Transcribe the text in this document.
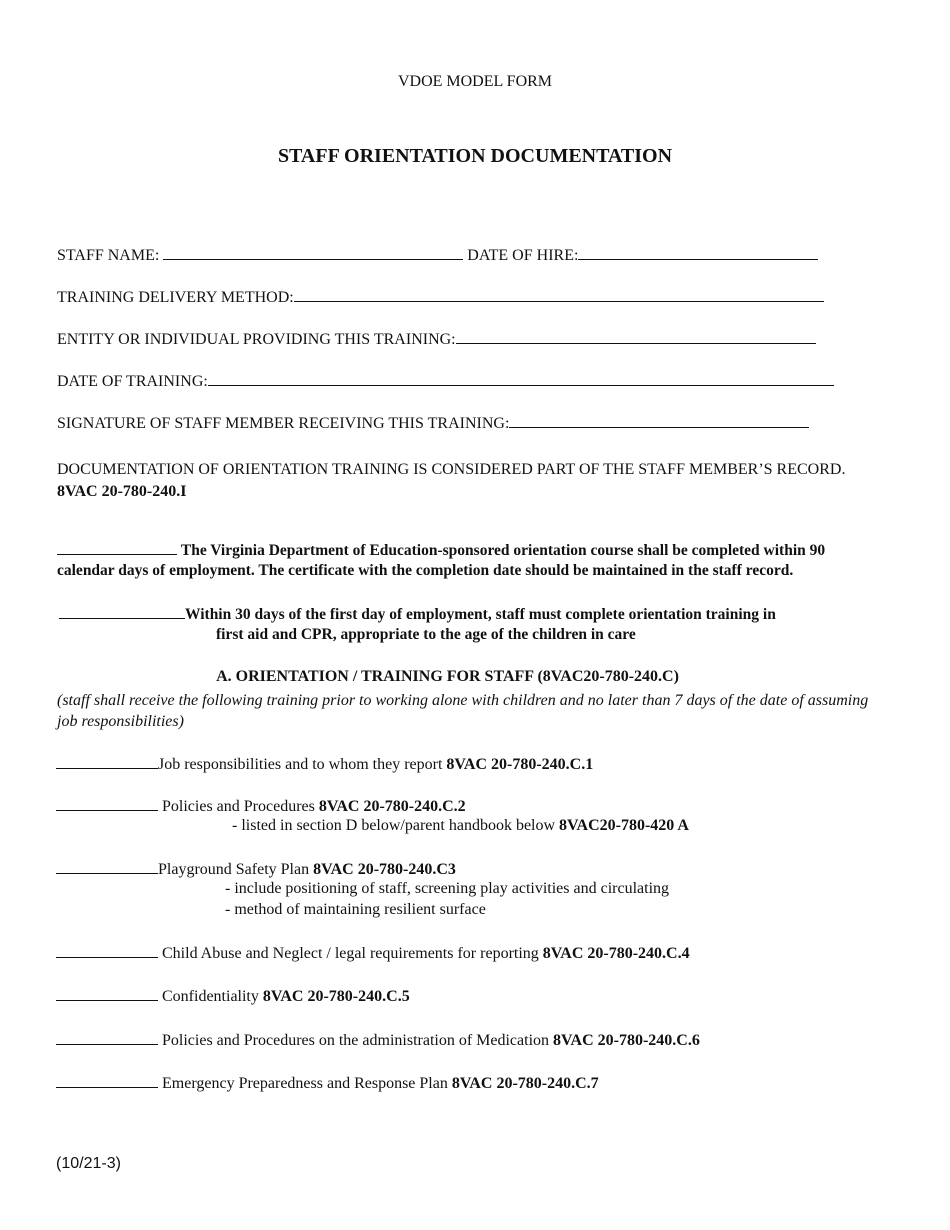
VDOE MODEL FORM
STAFF ORIENTATION DOCUMENTATION
STAFF NAME:	DATE OF HIRE:
TRAINING DELIVERY METHOD:
ENTITY OR INDIVIDUAL PROVIDING THIS TRAINING:
DATE OF TRAINING:
SIGNATURE OF STAFF MEMBER RECEIVING THIS TRAINING:
DOCUMENTATION OF ORIENTATION TRAINING IS CONSIDERED PART OF THE STAFF MEMBER’S RECORD. 8VAC 20-780-240.I
The Virginia Department of Education-sponsored orientation course shall be completed within 90
calendar days of employment. The certificate with the completion date should be maintained in the staff record.
Within 30 days of the first day of employment, staff must complete orientation training in
first aid and CPR, appropriate to the age of the children in care
A. ORIENTATION / TRAINING FOR STAFF (8VAC20-780-240.C)
(staff shall receive the following training prior to working alone with children and no later than 7 days of the date of assuming job responsibilities)
Job responsibilities and to whom they report 8VAC 20-780-240.C.1
Policies and Procedures 8VAC 20-780-240.C.2
- listed in section D below/parent handbook below 8VAC20-780-420 A
Playground Safety Plan 8VAC 20-780-240.C3
- include positioning of staff, screening play activities and circulating
- method of maintaining resilient surface
Child Abuse and Neglect / legal requirements for reporting 8VAC 20-780-240.C.4
Confidentiality 8VAC 20-780-240.C.5
Policies and Procedures on the administration of Medication 8VAC 20-780-240.C.6
Emergency Preparedness and Response Plan 8VAC 20-780-240.C.7
(10/21-3)
